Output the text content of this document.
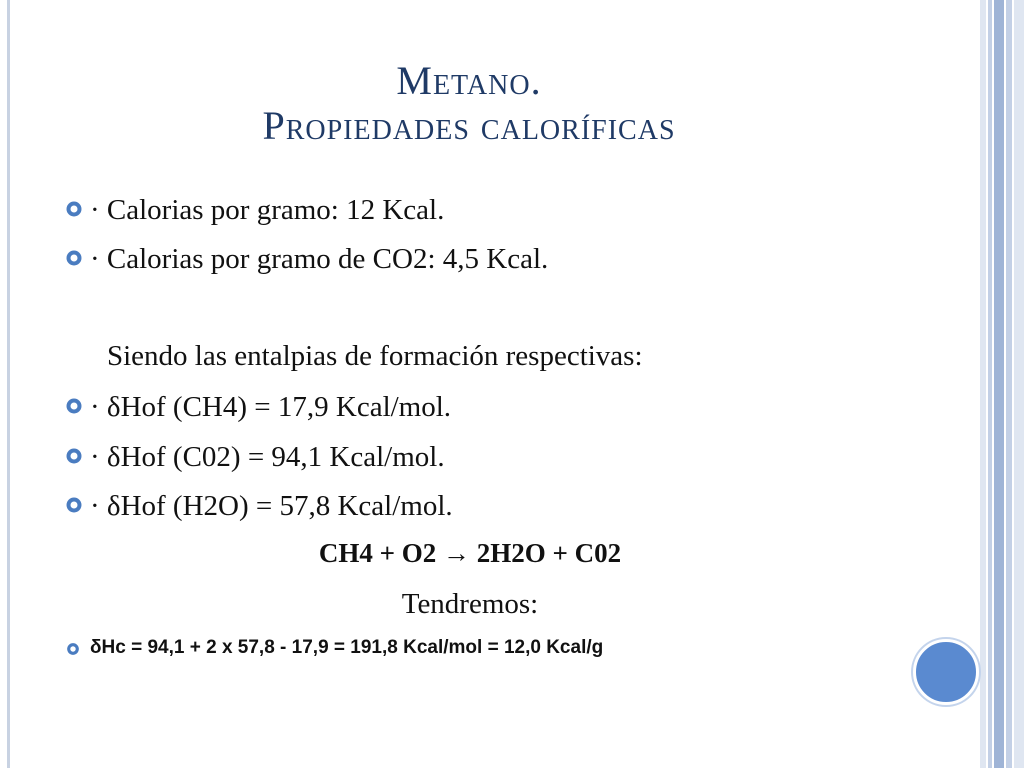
Metano.
Propiedades caloríficas
· Calorias por gramo: 12 Kcal.
· Calorias por gramo de CO2: 4,5 Kcal.
Siendo las entalpias de formación respectivas:
· δHof (CH4) = 17,9 Kcal/mol.
· δHof (C02) = 94,1 Kcal/mol.
· δHof (H2O) = 57,8 Kcal/mol.
CH4 + O2 → 2H2O + C02
Tendremos:
δHc = 94,1 + 2 x 57,8 - 17,9 = 191,8 Kcal/mol = 12,0 Kcal/g
